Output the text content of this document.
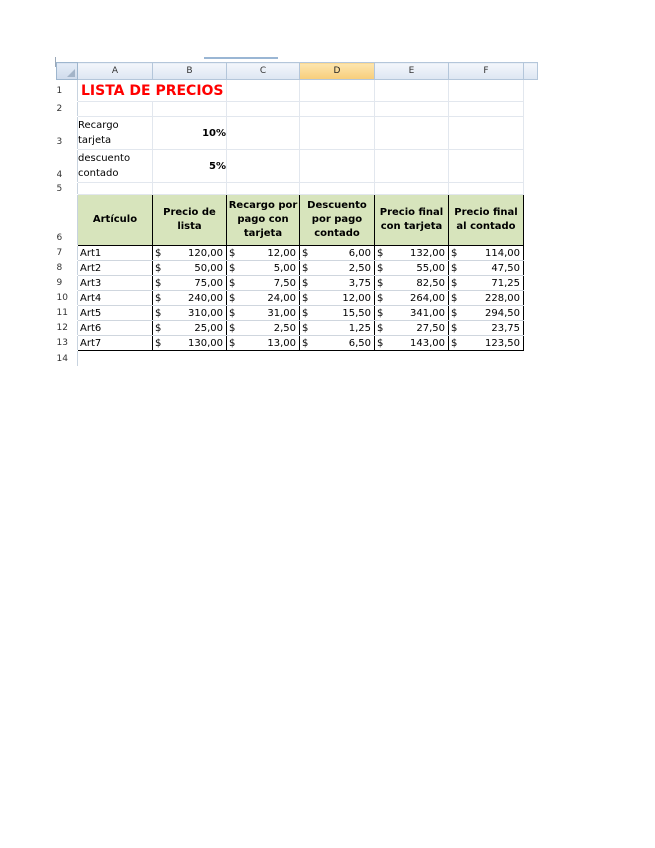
	A	B	C	D	E	F	
1	LISTA DE PRECIOS						
2							
3	Recargo tarjeta	10%					
4	descuento contado	5%					
5							
6	Artículo	Precio de lista	Recargo por pago con tarjeta	Descuento por pago contado	Precio final con tarjeta	Precio final al contado	
7	Art1	$ 120,00	$ 12,00	$ 6,00	$ 132,00	$ 114,00	

8	Art2	$ 50,00	$ 5,00	$ 2,50	$ 55,00	$ 47,50	

9	Art3	$ 75,00	$ 7,50	$ 3,75	$ 82,50	$ 71,25	

10	Art4	$ 240,00	$ 24,00	$ 12,00	$ 264,00	$ 228,00	

11	Art5	$ 310,00	$ 31,00	$ 15,50	$ 341,00	$ 294,50	

12	Art6	$ 25,00	$ 2,50	$ 1,25	$ 27,50	$ 23,75	

13	Art7	$ 130,00	$ 13,00	$ 6,50	$ 143,00	$ 123,50	

14							
